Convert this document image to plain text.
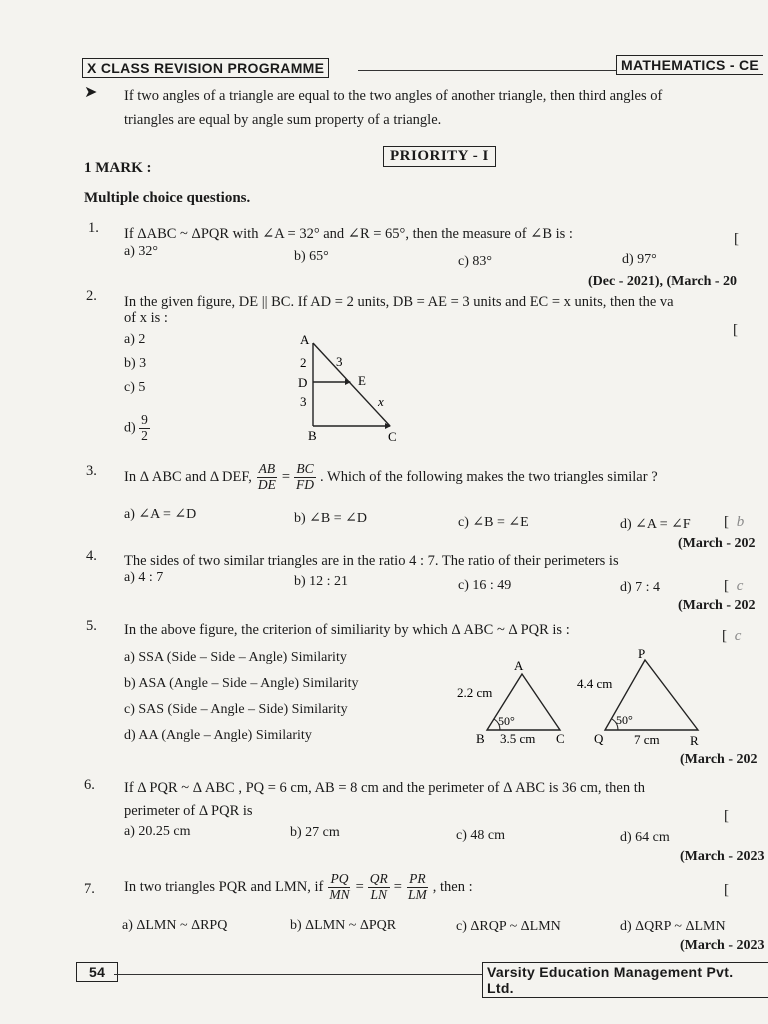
X CLASS REVISION PROGRAMME	MATHEMATICS - CE
➤ If two angles of a triangle are equal to the two angles of another triangle, then third angles of
triangles are equal by angle sum property of a triangle.
PRIORITY - I
1 MARK :
Multiple choice questions.
1. If ΔABC ~ ΔPQR with ∠A = 32° and ∠R = 65°, then the measure of ∠B is :	[
a) 32°	b) 65°	c) 83°	d) 97°
(Dec - 2021), (March - 20
2. In the given figure, DE || BC. If AD = 2 units, DB = AE = 3 units and EC = x units, then the va
of x is :
[
a) 2
b) 3
c) 5
$d) \frac{9}{2}$
A
2 3
D	E
3	x
B	C
3. In Δ ABC and Δ DEF, $\frac{AB}{DE} = \frac{BC}{FD}$ . Which of the following makes the two triangles similar ?
a) ∠A = ∠D	b) ∠B = ∠D	c) ∠B = ∠E	d) ∠A = ∠F [ b
(March - 202
4. The sides of two similar triangles are in the ratio 4 : 7. The ratio of their perimeters is
a) 4 : 7	b) 12 : 21	c) 16 : 49	d) 7 : 4	[ c
(March - 202
5. In the above figure, the criterion of similiarity by which Δ ABC ~ Δ PQR is :	[ c
a) SSA (Side – Side – Angle) Similarity
b) ASA (Angle – Side – Angle) Similarity
c) SAS (Side – Angle – Side) Similarity
d) AA (Angle – Angle) Similarity
A
2.2 cm
50°
B 3.5 cm C
P
4.4 cm
50°
Q 7 cm R
(March - 202
6. If Δ PQR ~ Δ ABC , PQ = 6 cm, AB = 8 cm and the perimeter of Δ ABC is 36 cm, then th
perimeter of Δ PQR is	[
a) 20.25 cm	b) 27 cm	c) 48 cm	d) 64 cm
(March - 2023
7. In two triangles PQR and LMN, if $\frac{PQ}{MN} = \frac{QR}{LN} = \frac{PR}{LM}$ , then :	[
a) ΔLMN ~ ΔRPQ	b) ΔLMN ~ ΔPQR	c) ΔRQP ~ ΔLMN	d) ΔQRP ~ ΔLMN
(March - 2023
54	Varsity Education Management Pvt. Ltd.
